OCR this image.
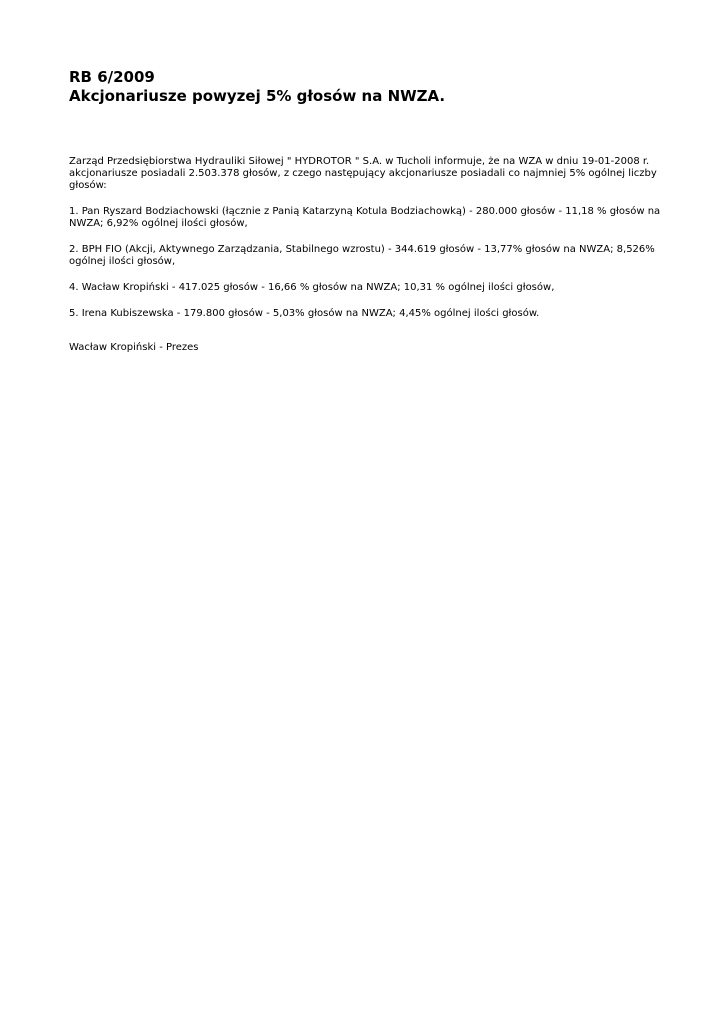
RB 6/2009
Akcjonariusze powyzej 5% głosów na NWZA.

Zarząd Przedsiębiorstwa Hydrauliki Siłowej " HYDROTOR " S.A. w Tucholi informuje, że na WZA w dniu 19-01-2008 r. akcjonariusze posiadali 2.503.378 głosów, z czego następujący akcjonariusze posiadali co najmniej 5% ogólnej liczby głosów:

1. Pan Ryszard Bodziachowski (łącznie z Panią Katarzyną Kotula Bodziachowką) - 280.000 głosów - 11,18 % głosów na NWZA; 6,92% ogólnej ilości głosów,

2. BPH FIO (Akcji, Aktywnego Zarządzania, Stabilnego wzrostu) - 344.619 głosów - 13,77% głosów na NWZA; 8,526% ogólnej ilości głosów,

4. Wacław Kropiński - 417.025 głosów - 16,66 % głosów na NWZA; 10,31 % ogólnej ilości głosów,

5. Irena Kubiszewska - 179.800 głosów - 5,03% głosów na NWZA; 4,45% ogólnej ilości głosów.

Wacław Kropiński - Prezes
